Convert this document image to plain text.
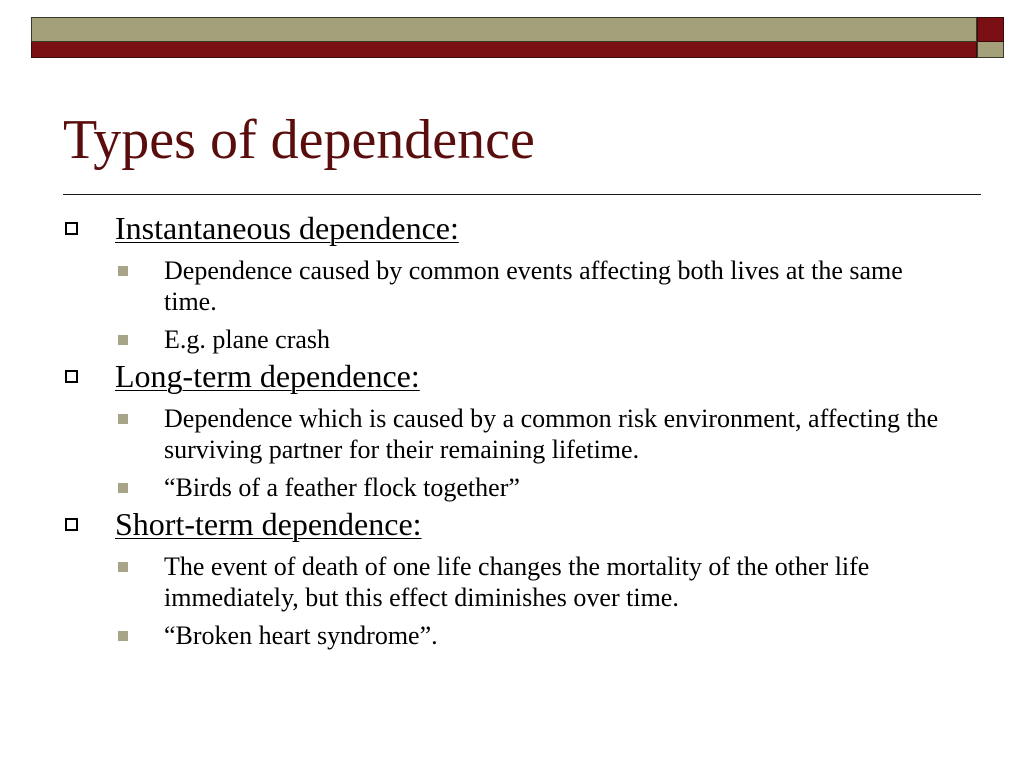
Types of dependence
Instantaneous dependence:
Dependence caused by common events affecting both lives at the same time.
E.g. plane crash
Long-term dependence:
Dependence which is caused by a common risk environment, affecting the surviving partner for their remaining lifetime.
“Birds of a feather flock together”
Short-term dependence:
The event of death of one life changes the mortality of the other life immediately, but this effect diminishes over time.
“Broken heart syndrome”.
